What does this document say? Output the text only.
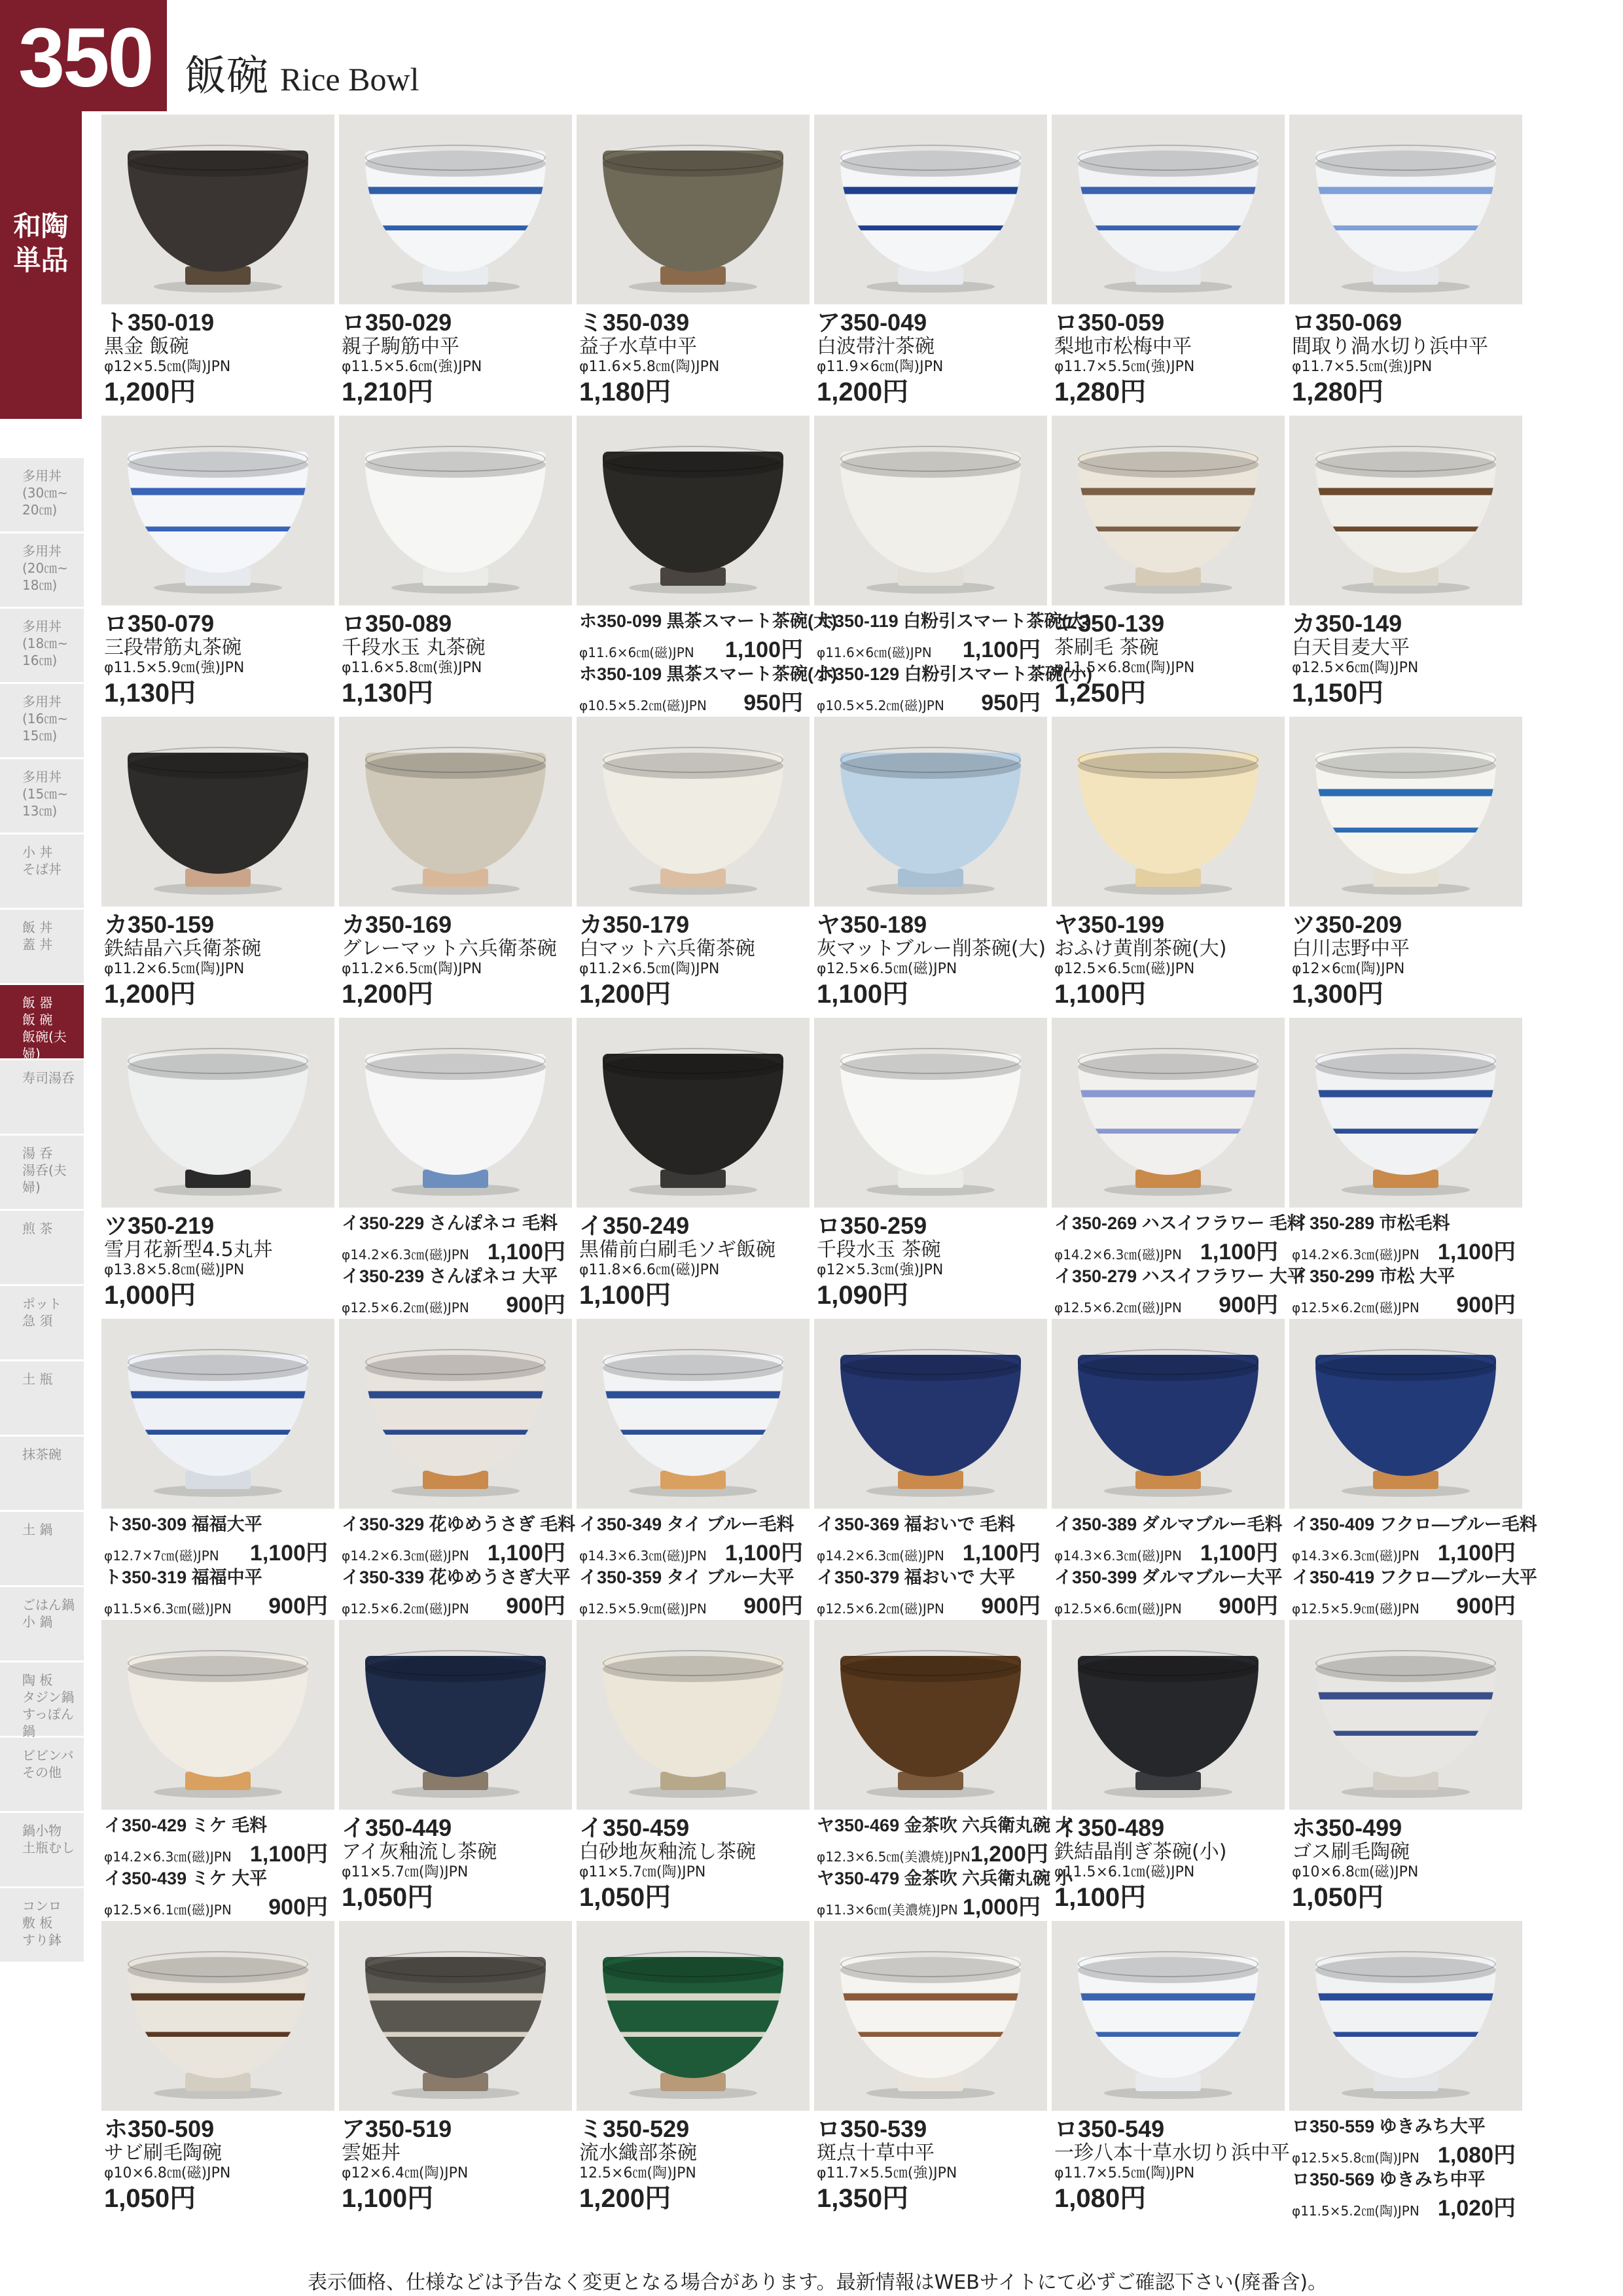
350 飯碗 Rice Bowl
和陶単品
多用丼
(30㎝~
20㎝)
多用丼
(20㎝~
18㎝)
多用丼
(18㎝~
16㎝)
多用丼
(16㎝~
15㎝)
多用丼
(15㎝~
13㎝)
小 丼
そば丼
飯 丼
蓋 丼
飯 器
飯 碗
飯碗(夫婦)
寿司湯呑
湯 呑
湯呑(夫婦)
煎 茶
ポット
急 須
土 瓶
抹茶碗
土 鍋
ごはん鍋
小 鍋
陶 板
タジン鍋
すっぽん鍋
ビビンバ
その他
鍋小物
土瓶むし
コンロ
敷 板
すり鉢
ト350-019
黒金 飯碗
φ12×5.5㎝(陶)JPN
1,200円
ロ350-029
親子駒筋中平
φ11.5×5.6㎝(強)JPN
1,210円
ミ350-039
益子水草中平
φ11.6×5.8㎝(陶)JPN
1,180円
ア350-049
白波帯汁茶碗
φ11.9×6㎝(陶)JPN
1,200円
ロ350-059
梨地市松梅中平
φ11.7×5.5㎝(強)JPN
1,280円
ロ350-069
間取り渦水切り浜中平
φ11.7×5.5㎝(強)JPN
1,280円
ロ350-079
三段帯筋丸茶碗
φ11.5×5.9㎝(強)JPN
1,130円
ロ350-089
千段水玉 丸茶碗
φ11.6×5.8㎝(強)JPN
1,130円
ホ350-099 黒茶スマート茶碗(大)
φ11.6×6㎝(磁)JPN 1,100円
ホ350-109 黒茶スマート茶碗(小)
φ10.5×5.2㎝(磁)JPN 950円
ホ350-119 白粉引スマート茶碗(大)
φ11.6×6㎝(磁)JPN 1,100円
ホ350-129 白粉引スマート茶碗(小)
φ10.5×5.2㎝(磁)JPN 950円
ユ350-139
茶刷毛 茶碗
φ11.5×6.8㎝(陶)JPN
1,250円
カ350-149
白天目麦大平
φ12.5×6㎝(陶)JPN
1,150円
カ350-159
鉄結晶六兵衛茶碗
φ11.2×6.5㎝(陶)JPN
1,200円
カ350-169
グレーマット六兵衛茶碗
φ11.2×6.5㎝(陶)JPN
1,200円
カ350-179
白マット六兵衛茶碗
φ11.2×6.5㎝(陶)JPN
1,200円
ヤ350-189
灰マットブルー削茶碗(大)
φ12.5×6.5㎝(磁)JPN
1,100円
ヤ350-199
おふけ黄削茶碗(大)
φ12.5×6.5㎝(磁)JPN
1,100円
ツ350-209
白川志野中平
φ12×6㎝(陶)JPN
1,300円
ツ350-219
雪月花新型4.5丸丼
φ13.8×5.8㎝(磁)JPN
1,000円
イ350-229 さんぽネコ 毛料
φ14.2×6.3㎝(磁)JPN 1,100円
イ350-239 さんぽネコ 大平
φ12.5×6.2㎝(磁)JPN 900円
イ350-249
黒備前白刷毛ソギ飯碗
φ11.8×6.6㎝(磁)JPN
1,100円
ロ350-259
千段水玉 茶碗
φ12×5.3㎝(強)JPN
1,090円
イ350-269 ハスイフラワー 毛料
φ14.2×6.3㎝(磁)JPN 1,100円
イ350-279 ハスイフラワー 大平
φ12.5×6.2㎝(磁)JPN 900円
イ350-289 市松毛料
φ14.2×6.3㎝(磁)JPN 1,100円
イ350-299 市松 大平
φ12.5×6.2㎝(磁)JPN 900円
ト350-309 福福大平
φ12.7×7㎝(磁)JPN 1,100円
ト350-319 福福中平
φ11.5×6.3㎝(磁)JPN 900円
イ350-329 花ゆめうさぎ 毛料
φ14.2×6.3㎝(磁)JPN 1,100円
イ350-339 花ゆめうさぎ大平
φ12.5×6.2㎝(磁)JPN 900円
イ350-349 タイ ブルー毛料
φ14.3×6.3㎝(磁)JPN 1,100円
イ350-359 タイ ブルー大平
φ12.5×5.9㎝(磁)JPN 900円
イ350-369 福おいで 毛料
φ14.2×6.3㎝(磁)JPN 1,100円
イ350-379 福おいで 大平
φ12.5×6.2㎝(磁)JPN 900円
イ350-389 ダルマブルー毛料
φ14.3×6.3㎝(磁)JPN 1,100円
イ350-399 ダルマブルー大平
φ12.5×6.6㎝(磁)JPN 900円
イ350-409 フクロ―ブルー毛料
φ14.3×6.3㎝(磁)JPN 1,100円
イ350-419 フクロ―ブルー大平
φ12.5×5.9㎝(磁)JPN 900円
イ350-429 ミケ 毛料
φ14.2×6.3㎝(磁)JPN 1,100円
イ350-439 ミケ 大平
φ12.5×6.1㎝(磁)JPN 900円
イ350-449
アイ灰釉流し茶碗
φ11×5.7㎝(陶)JPN
1,050円
イ350-459
白砂地灰釉流し茶碗
φ11×5.7㎝(陶)JPN
1,050円
ヤ350-469 金茶吹 六兵衛丸碗 大
φ12.3×6.5㎝(美濃焼)JPN 1,200円
ヤ350-479 金茶吹 六兵衛丸碗 小
φ11.3×6㎝(美濃焼)JPN 1,000円
イ350-489
鉄結晶削ぎ茶碗(小)
φ11.5×6.1㎝(磁)JPN
1,100円
ホ350-499
ゴス刷毛陶碗
φ10×6.8㎝(磁)JPN
1,050円
ホ350-509
サビ刷毛陶碗
φ10×6.8㎝(磁)JPN
1,050円
ア350-519
雲姫丼
φ12×6.4㎝(陶)JPN
1,100円
ミ350-529
流水織部茶碗
12.5×6㎝(陶)JPN
1,200円
ロ350-539
斑点十草中平
φ11.7×5.5㎝(強)JPN
1,350円
ロ350-549
一珍八本十草水切り浜中平
φ11.7×5.5㎝(陶)JPN
1,080円
ロ350-559 ゆきみち大平
φ12.5×5.8㎝(陶)JPN 1,080円
ロ350-569 ゆきみち中平
φ11.5×5.2㎝(陶)JPN 1,020円
表示価格、仕様などは予告なく変更となる場合があります。最新情報はWEBサイトにて必ずご確認下さい(廃番含)。
